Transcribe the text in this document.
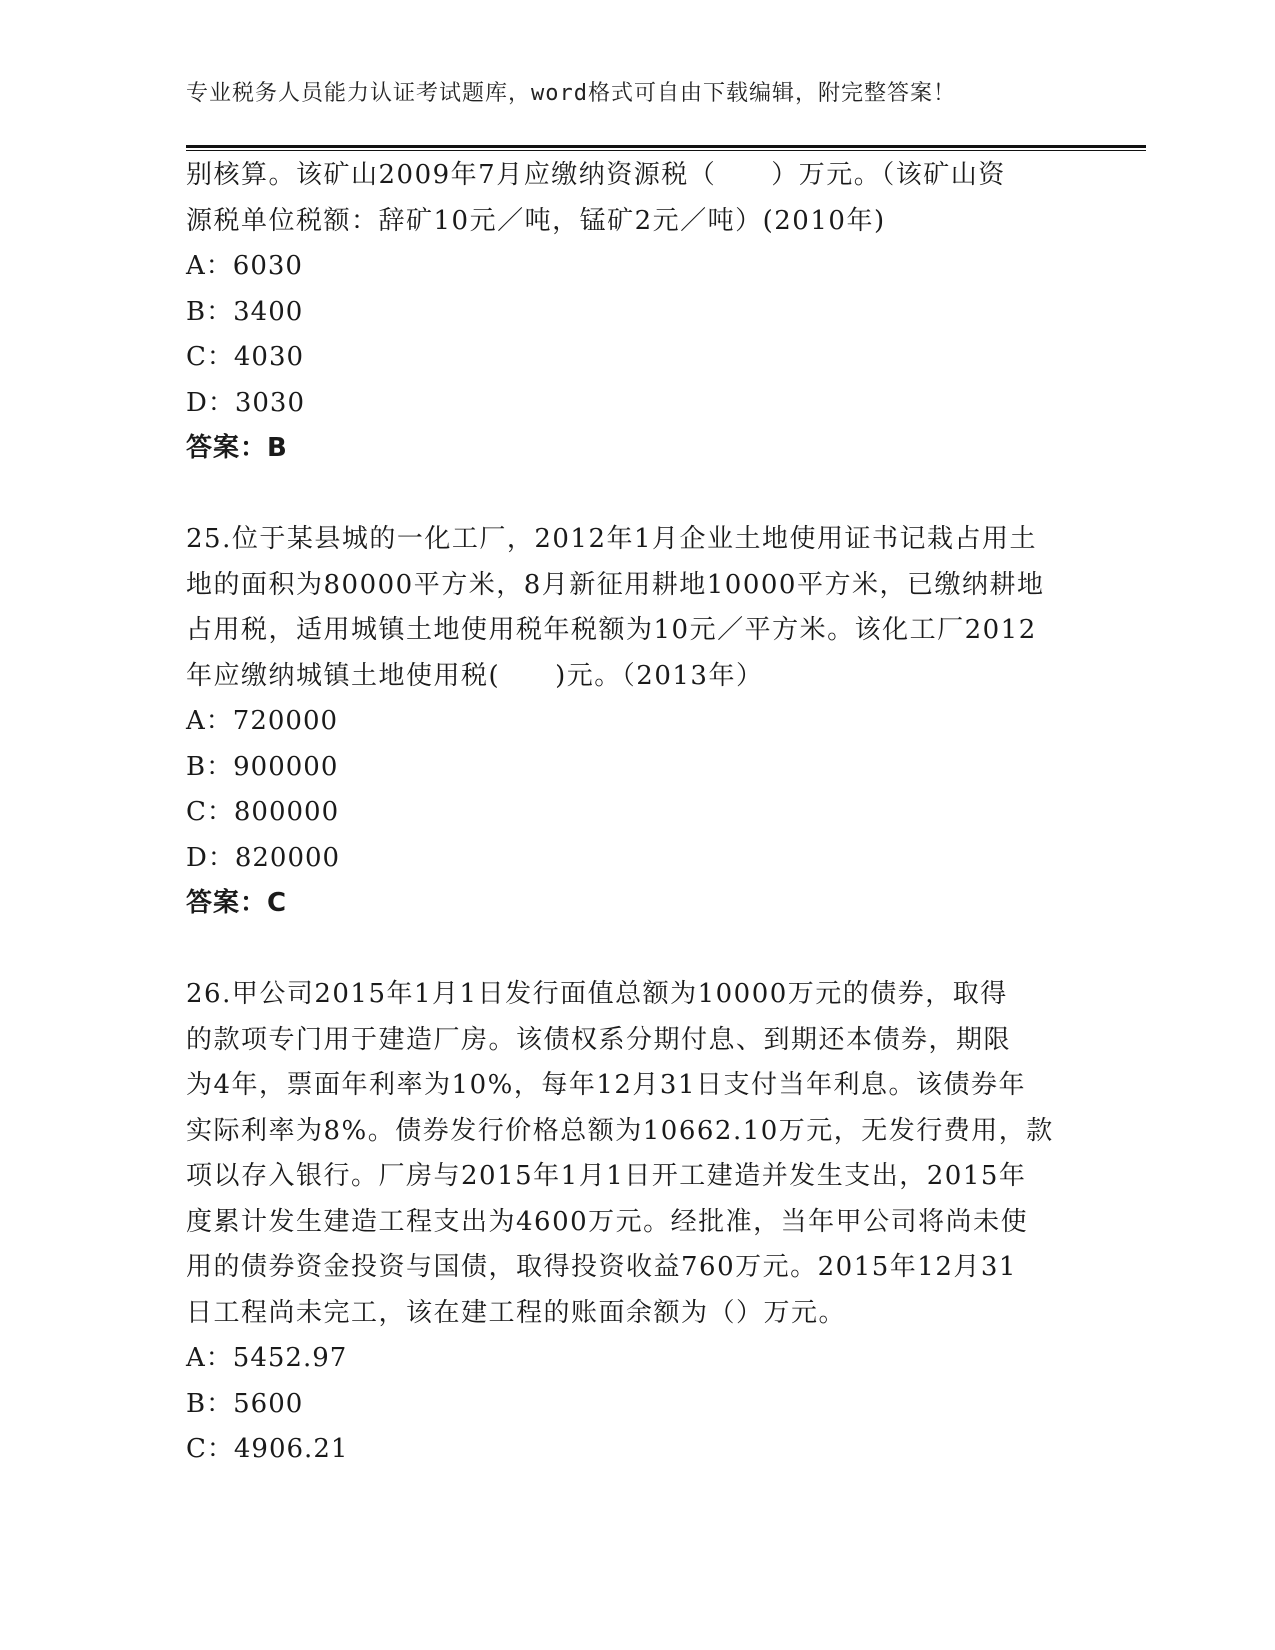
专业税务人员能力认证考试题库，word格式可自由下载编辑，附完整答案！
别核算。该矿山2009年7月应缴纳资源税（　　）万元。（该矿山资
源税单位税额：辞矿10元／吨，锰矿2元／吨）(2010年)
A：6030
B：3400
C：4030
D：3030
答案：B
25.位于某县城的一化工厂，2012年1月企业土地使用证书记栽占用土
地的面积为80000平方米，8月新征用耕地10000平方米，已缴纳耕地
占用税，适用城镇土地使用税年税额为10元／平方米。该化工厂2012
年应缴纳城镇土地使用税(　　)元。（2013年）
A：720000
B：900000
C：800000
D：820000
答案：C
26.甲公司2015年1月1日发行面值总额为10000万元的债券，取得
的款项专门用于建造厂房。该债权系分期付息、到期还本债券，期限
为4年，票面年利率为10%，每年12月31日支付当年利息。该债券年
实际利率为8%。债券发行价格总额为10662.10万元，无发行费用，款
项以存入银行。厂房与2015年1月1日开工建造并发生支出，2015年
度累计发生建造工程支出为4600万元。经批准，当年甲公司将尚未使
用的债券资金投资与国债，取得投资收益760万元。2015年12月31
日工程尚未完工，该在建工程的账面余额为（）万元。
A：5452.97
B：5600
C：4906.21
